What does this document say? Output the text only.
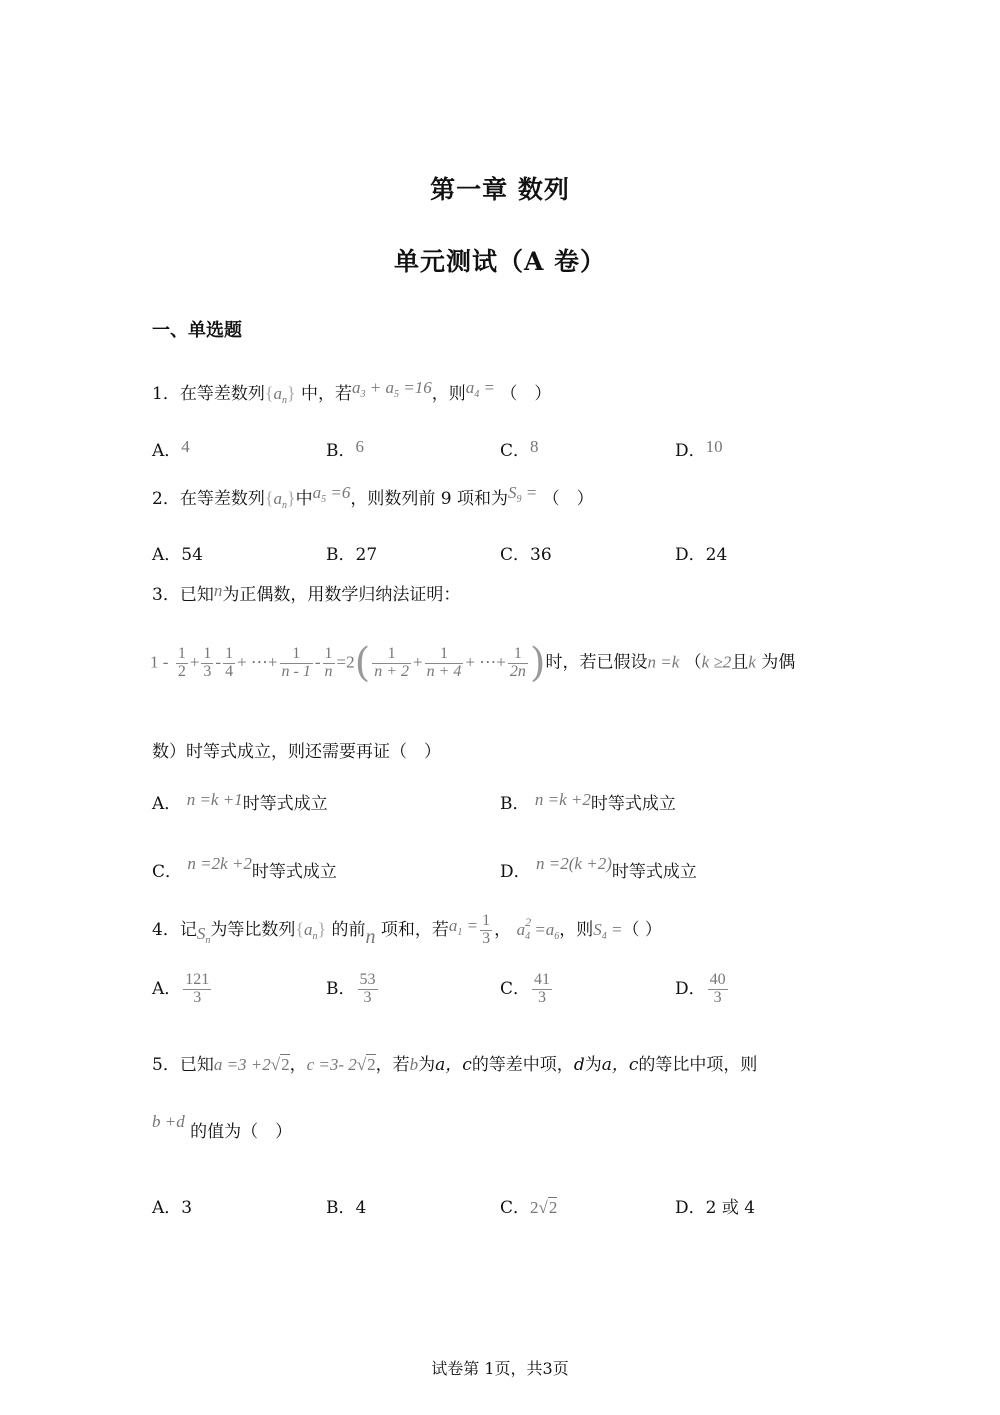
第一章 数列
单元测试（A 卷）
一、单选题
1．在等差数列$\{a_n\}$ 中，若$a_3 + a_5 =16$，则$a_4$ = （　）
A．4	B．6	C．8	D．10
2．在等差数列$\{a_n\}$中$a_5 =6$，则数列前 9 项和为$S_9$ = （　）
A．54	B．27	C．36	D．24
3．已知n为正偶数，用数学归纳法证明：
$1 - \frac{1}{2} + \frac{1}{3} - \frac{1}{4}$ + ⋯+ $\frac{1}{n - 1} - \frac{1}{n} =2( \frac{1}{n + 2} + \frac{1}{n + 4}$ + ⋯+ $\frac{1}{2n}$ )时，若已假设n =k （k ≥2且k 为偶
数）时等式成立，则还需要再证（　）
A． n =k +1时等式成立	B． n =k +2时等式成立
C． n =2k +2时等式成立	D． n =2(k +2)时等式成立
4．记$S_n$为等比数列$\{a_n\}$ 的前n 项和，若$a_1 = \frac{1}{3}$ ， $a^2_4 =a_6$，则$S_4$ =（ ）
A． $\frac{121}{3}$	B． $\frac{53}{3}$	C． $\frac{41}{3}$	D． $\frac{40}{3}$
5．已知a =3 +2√2，c =3- 2√2，若b为a，c的等差中项，d为a，c的等比中项，则
b +d 的值为（　）
A．3	B．4	C．2√2	D．2 或 4
试卷第 1页，共3页
